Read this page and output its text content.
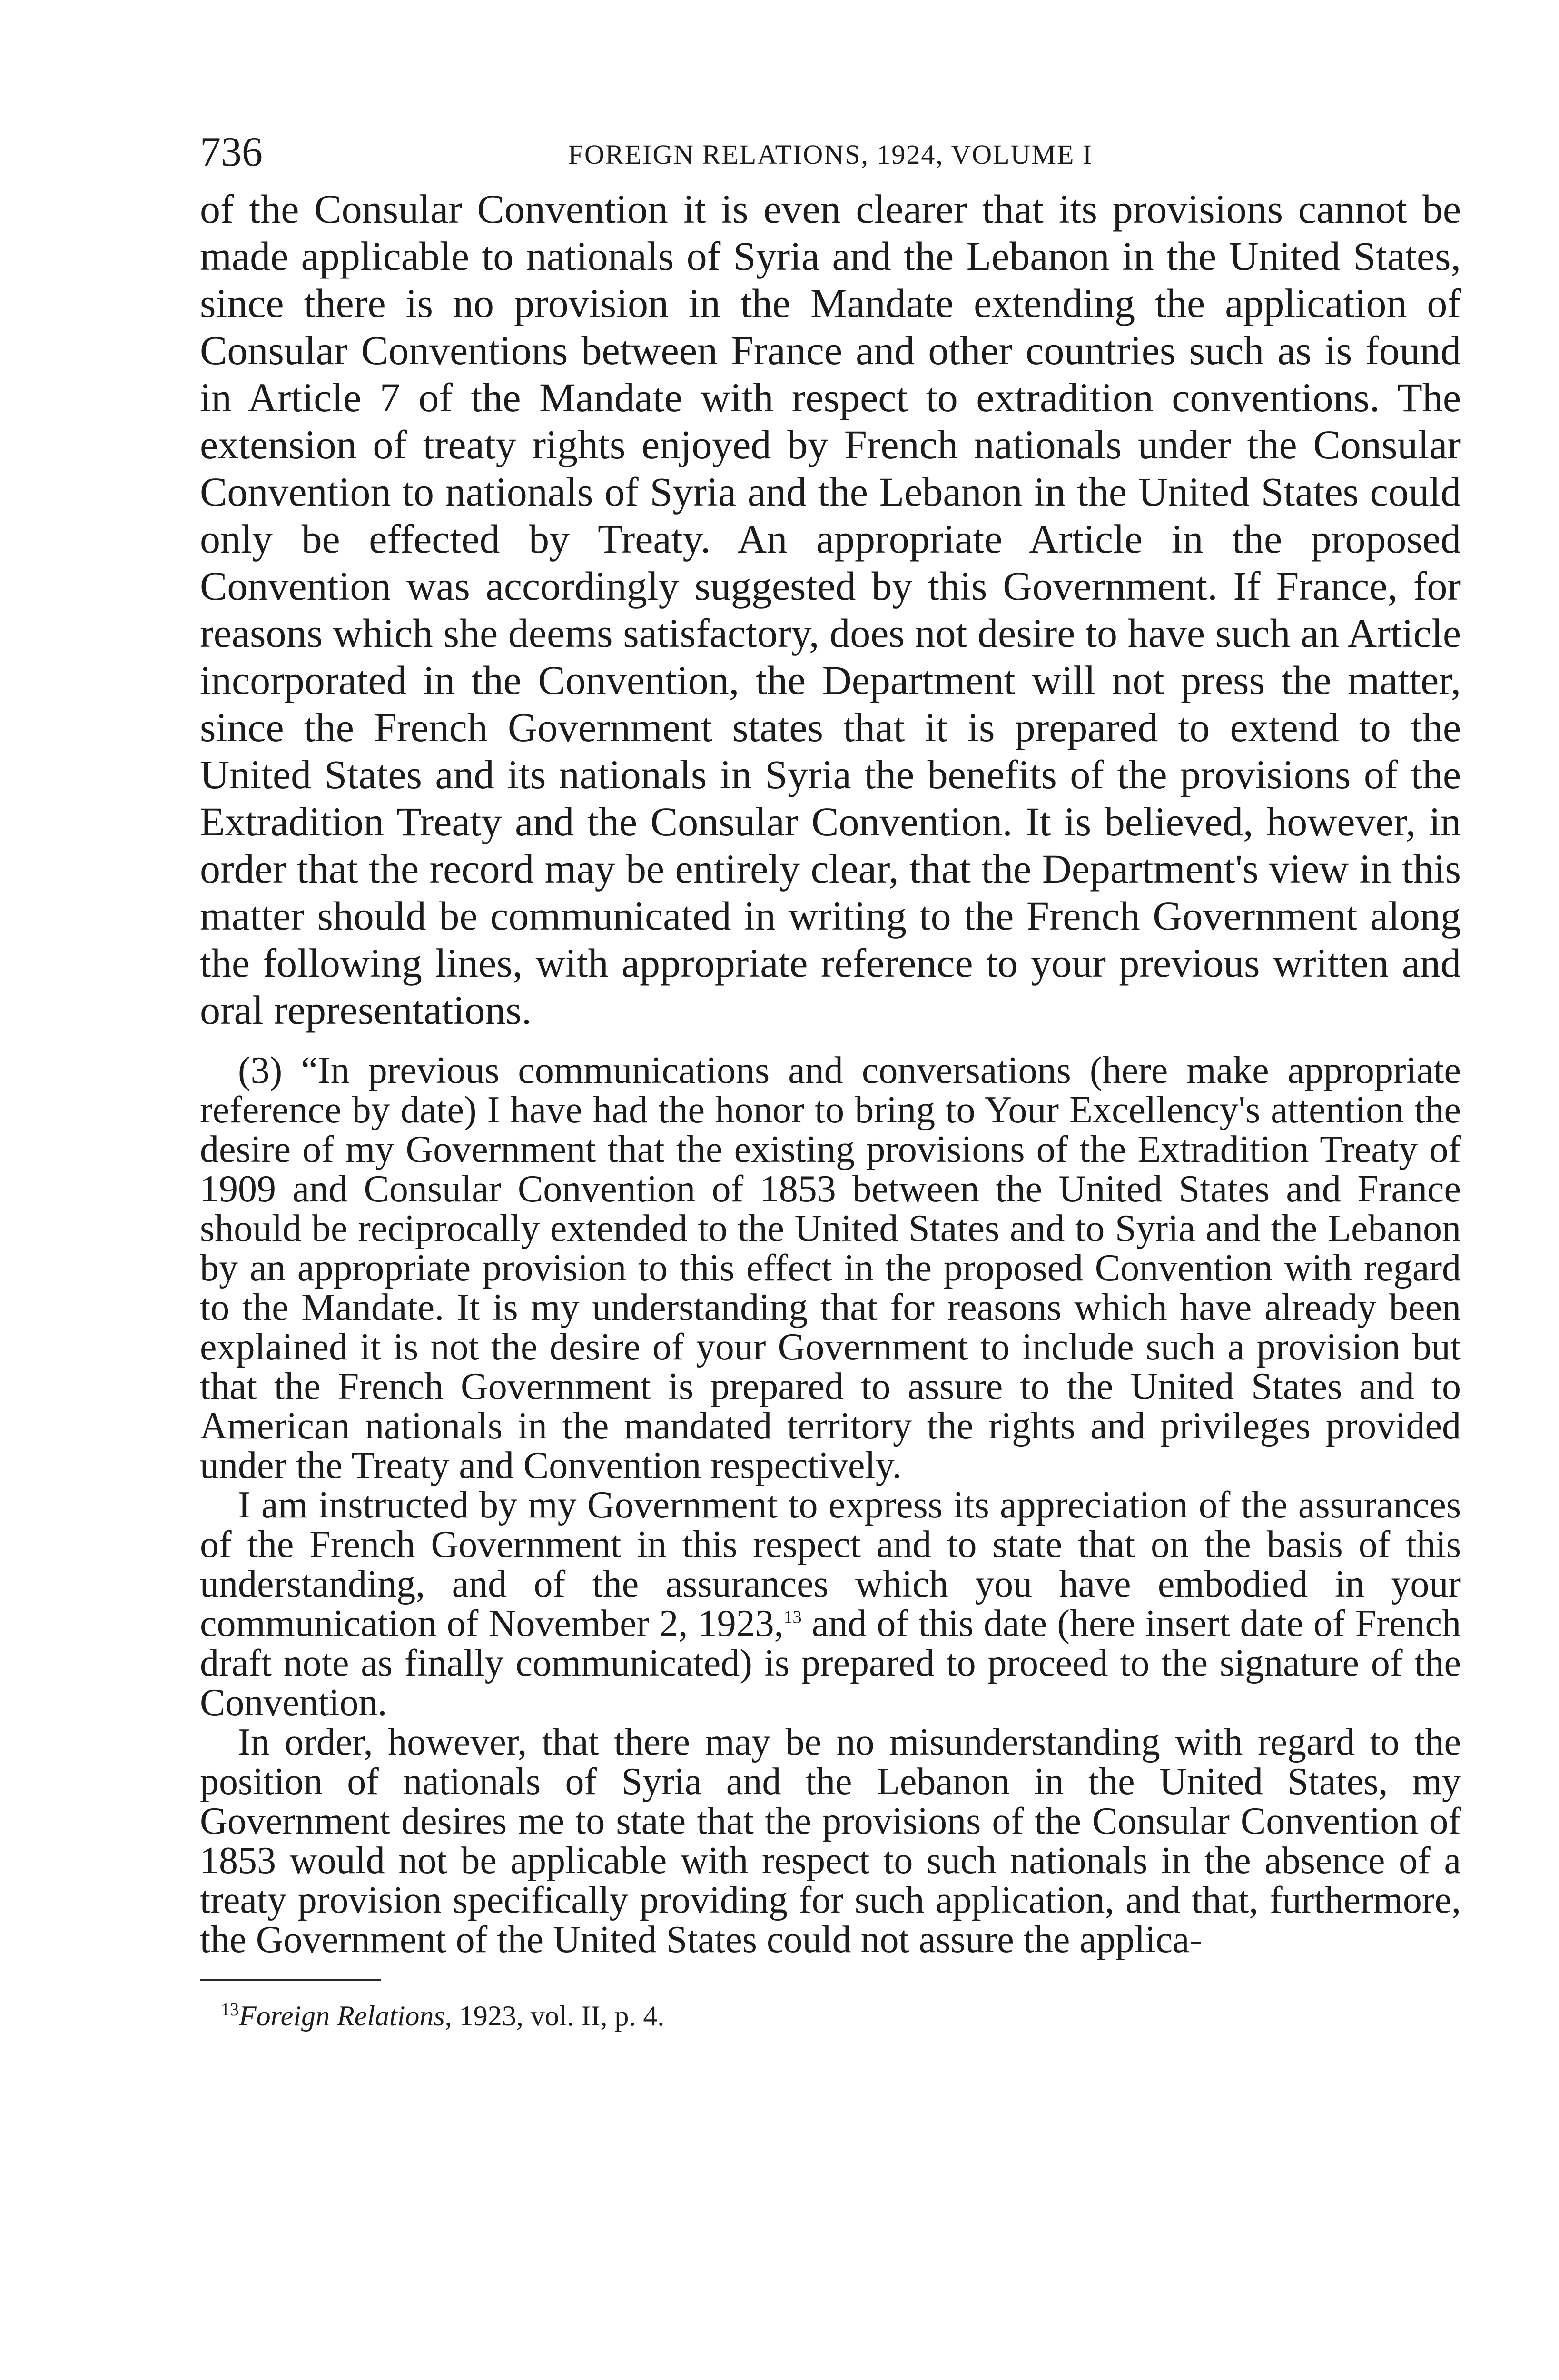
736	FOREIGN RELATIONS, 1924, VOLUME I

of the Consular Convention it is even clearer that its provisions cannot be made applicable to nationals of Syria and the Lebanon in the United States, since there is no provision in the Mandate extending the application of Consular Conventions between France and other countries such as is found in Article 7 of the Mandate with respect to extradition conventions. The extension of treaty rights enjoyed by French nationals under the Consular Convention to nationals of Syria and the Lebanon in the United States could only be effected by Treaty. An appropriate Article in the proposed Convention was accordingly suggested by this Government. If France, for reasons which she deems satisfactory, does not desire to have such an Article incorporated in the Convention, the Department will not press the matter, since the French Government states that it is prepared to extend to the United States and its nationals in Syria the benefits of the provisions of the Extradition Treaty and the Consular Convention. It is believed, however, in order that the record may be entirely clear, that the Department's view in this matter should be communicated in writing to the French Government along the following lines, with appropriate reference to your previous written and oral representations.

(3) “In previous communications and conversations (here make appropriate reference by date) I have had the honor to bring to Your Excellency's attention the desire of my Government that the existing provisions of the Extradition Treaty of 1909 and Consular Convention of 1853 between the United States and France should be reciprocally extended to the United States and to Syria and the Lebanon by an appropriate provision to this effect in the proposed Convention with regard to the Mandate. It is my understanding that for reasons which have already been explained it is not the desire of your Government to include such a provision but that the French Government is prepared to assure to the United States and to American nationals in the mandated territory the rights and privileges provided under the Treaty and Convention respectively.

I am instructed by my Government to express its appreciation of the assurances of the French Government in this respect and to state that on the basis of this understanding, and of the assurances which you have embodied in your communication of November 2, 1923,13 and of this date (here insert date of French draft note as finally communicated) is prepared to proceed to the signature of the Convention.

In order, however, that there may be no misunderstanding with regard to the position of nationals of Syria and the Lebanon in the United States, my Government desires me to state that the provisions of the Consular Convention of 1853 would not be applicable with respect to such nationals in the absence of a treaty provision specifically providing for such application, and that, furthermore, the Government of the United States could not assure the applica-

$^{13}$Foreign Relations, 1923, vol. II, p. 4.
